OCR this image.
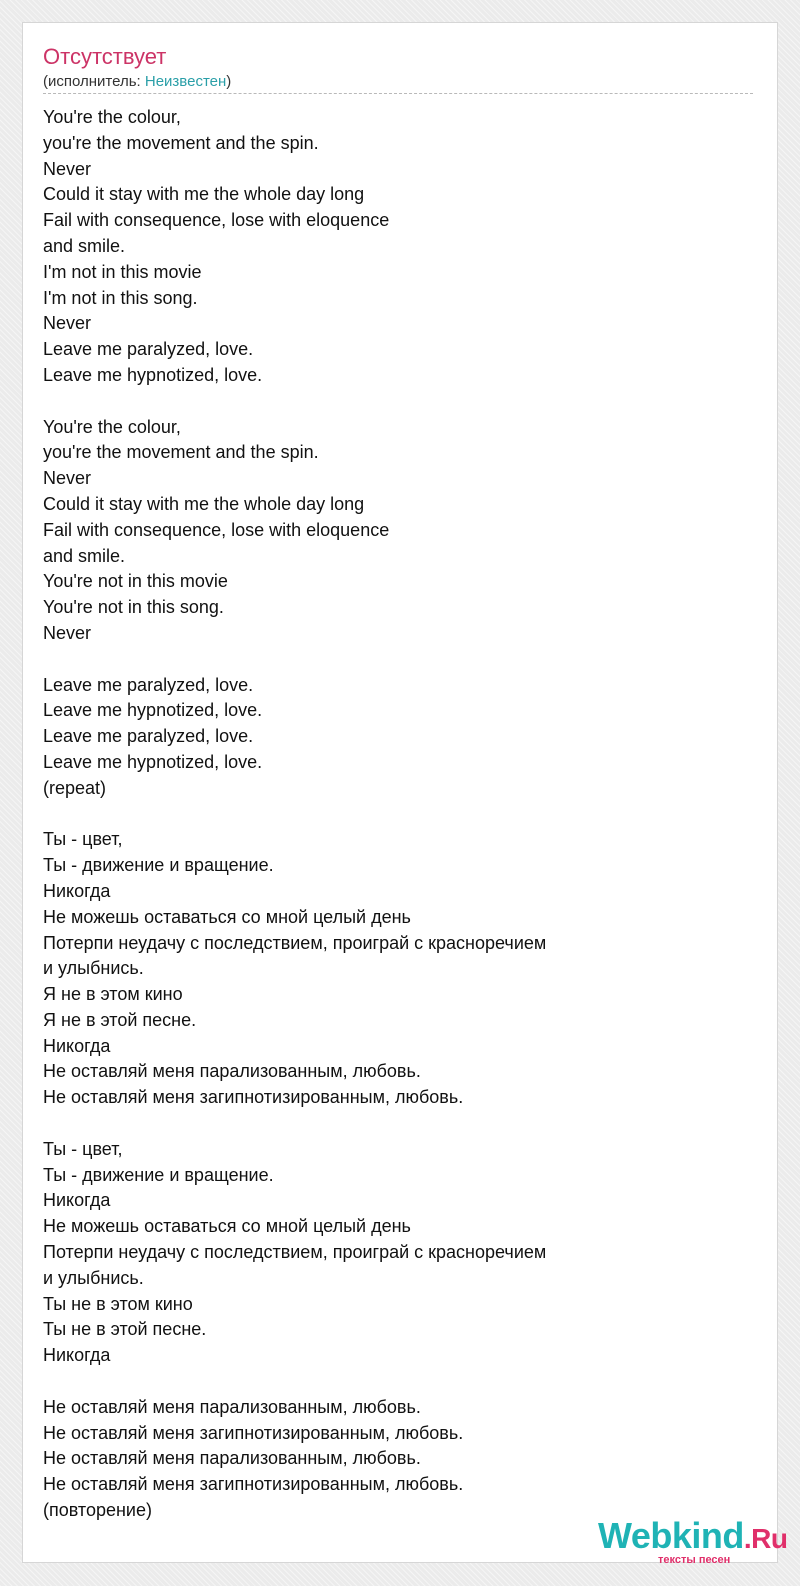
Отсутствует
(исполнитель: Неизвестен)
You're the colour,
you're the movement and the spin.
Never
Could it stay with me the whole day long
Fail with consequence, lose with eloquence
and smile.
I'm not in this movie
I'm not in this song.
Never
Leave me paralyzed, love.
Leave me hypnotized, love.
You're the colour,
you're the movement and the spin.
Never
Could it stay with me the whole day long
Fail with consequence, lose with eloquence
and smile.
You're not in this movie
You're not in this song.
Never
Leave me paralyzed, love.
Leave me hypnotized, love.
Leave me paralyzed, love.
Leave me hypnotized, love.
(repeat)
Ты - цвет,
Ты - движение и вращение.
Никогда
Не можешь оставаться со мной целый день
Потерпи неудачу с последствием, проиграй с красноречием
и улыбнись.
Я не в этом кино
Я не в этой песне.
Никогда
Не оставляй меня парализованным, любовь.
Не оставляй меня загипнотизированным, любовь.
Ты - цвет,
Ты - движение и вращение.
Никогда
Не можешь оставаться со мной целый день
Потерпи неудачу с последствием, проиграй с красноречием
и улыбнись.
Ты не в этом кино
Ты не в этой песне.
Никогда
Не оставляй меня парализованным, любовь.
Не оставляй меня загипнотизированным, любовь.
Не оставляй меня парализованным, любовь.
Не оставляй меня загипнотизированным, любовь.
(повторение)
Webkind.Ru
тексты песен
